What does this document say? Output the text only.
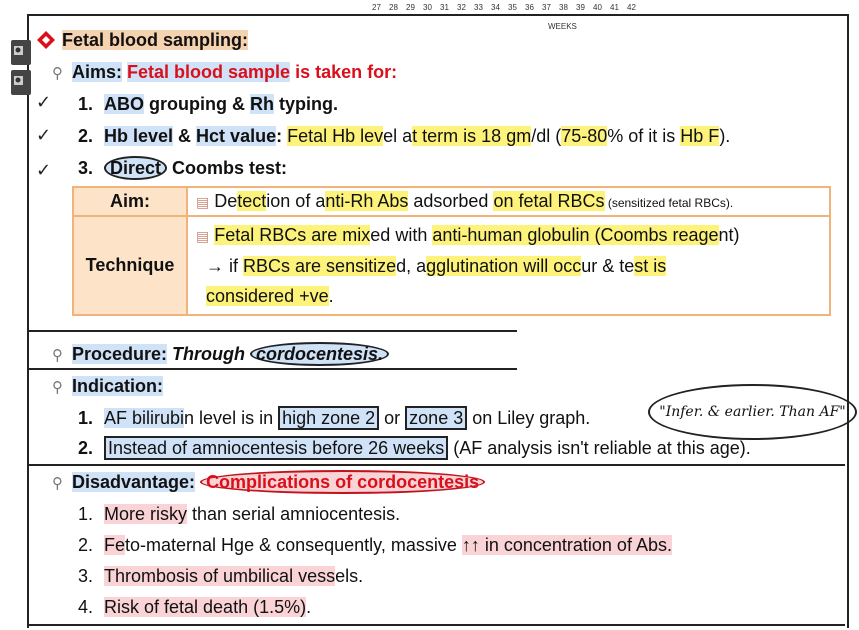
27 28 29 30 31 32 33 34 35 36 37 38 39 40 41 42
WEEKS
Fetal blood sampling:
⚲ Aims: Fetal blood sample is taken for:
✓
✓
✓
1. ABO grouping & Rh typing.
2. Hb level & Hct value: Fetal Hb level at term is 18 gm/dl (75-80% of it is Hb F).
3. Direct Coombs test:
Aim:	▤ Detection of anti-Rh Abs adsorbed on fetal RBCs (sensitized fetal RBCs).
Technique	▤ Fetal RBCs are mixed with anti-human globulin (Coombs reagent)
→ if RBCs are sensitized, agglutination will occur & test is
considered +ve.
⚲ Procedure: Through cordocentesis.
⚲ Indication:
1. AF bilirubin level is in high zone 2 or zone 3 on Liley graph.
2. Instead of amniocentesis before 26 weeks (AF analysis isn't reliable at this age).
"Infer. & earlier. Than AF"
⚲ Disadvantage: Complications of cordocentesis
1. More risky than serial amniocentesis.
2. Feto-maternal Hge & consequently, massive ↑↑ in concentration of Abs.
3. Thrombosis of umbilical vessels.
4. Risk of fetal death (1.5%).
